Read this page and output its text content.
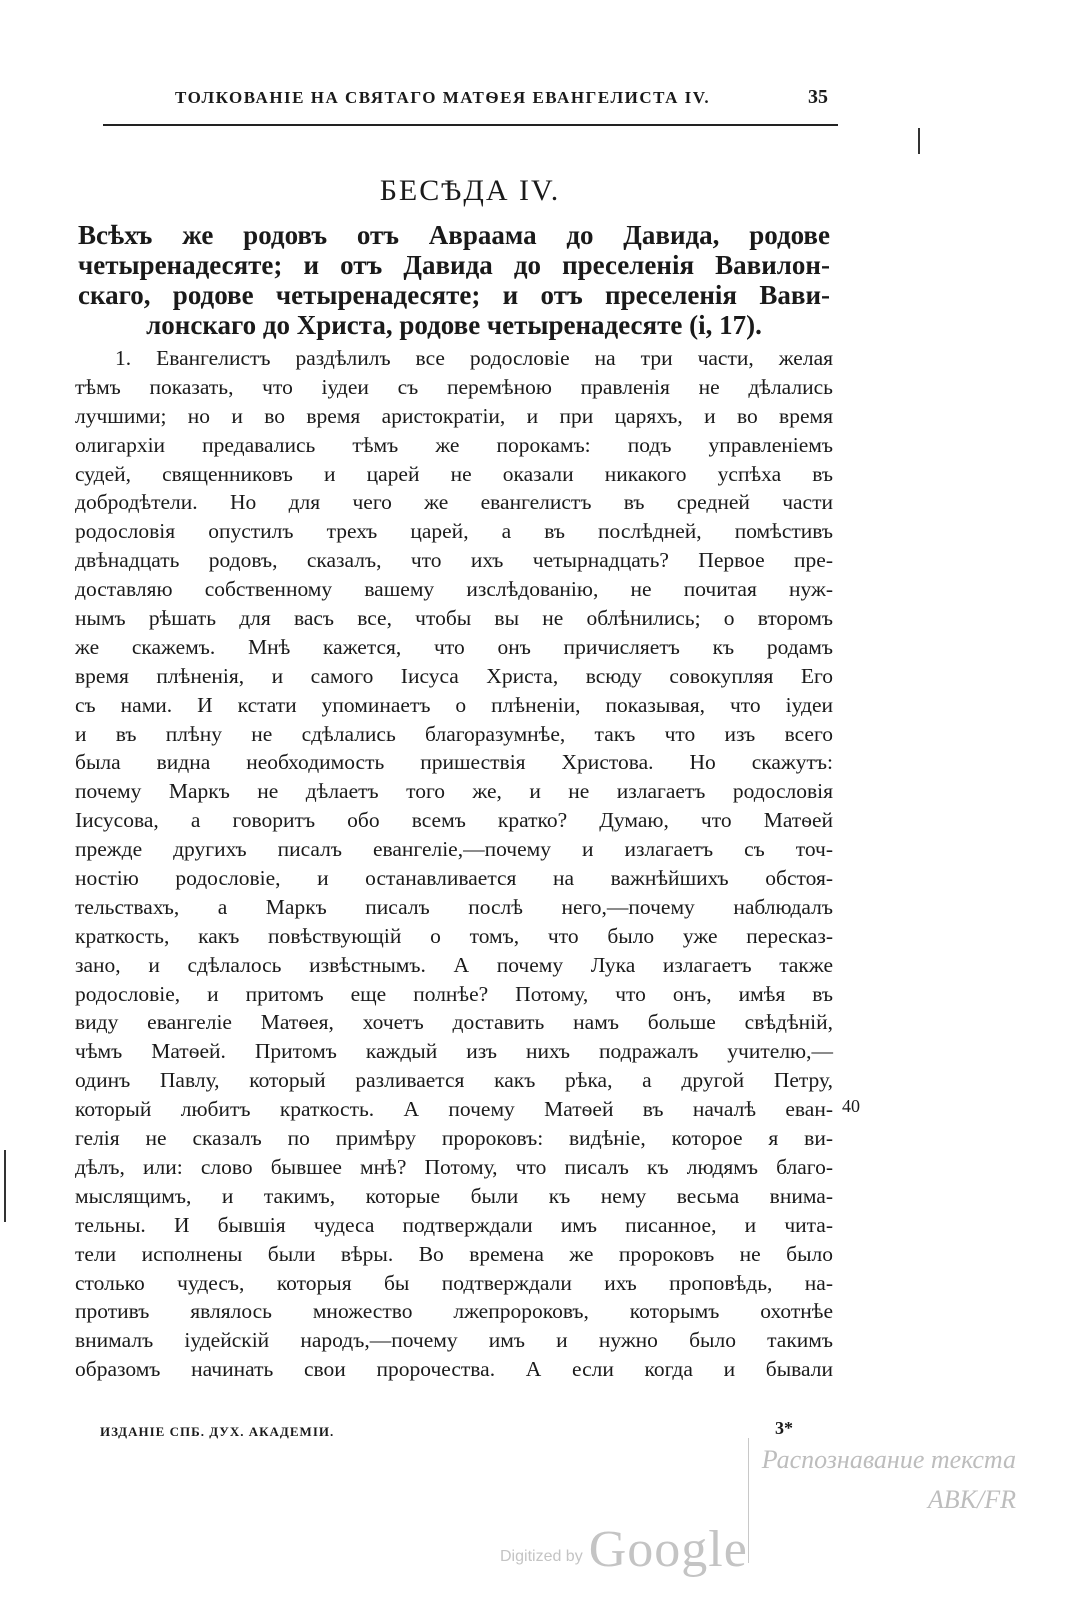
ТОЛКОВАНІЕ НА СВЯТАГО МАТѲЕЯ ЕВАНГЕЛИСТА IV.	35
БЕСѢДА IV.
Всѣхъ же родовъ отъ Авраама до Давида, родове
четыренадесяте; и отъ Давида до преселенія Вавилон-
скаго, родове четыренадесяте; и отъ преселенія Вави-
лонскаго до Христа, родове четыренадесяте (і, 17).
1. Евангелистъ раздѣлилъ все родословіе на три части, желая
тѣмъ показать, что іудеи съ перемѣною правленія не дѣлались
лучшими; но и во время аристократіи, и при царяхъ, и во время
олигархіи предавались тѣмъ же порокамъ: подъ управленіемъ
судей, священниковъ и царей не оказали никакого успѣха въ
добродѣтели. Но для чего же евангелистъ въ средней части
родословія опустилъ трехъ царей, а въ послѣдней, помѣстивъ
двѣнадцать родовъ, сказалъ, что ихъ четырнадцать? Первое пре-
доставляю собственному вашему изслѣдованію, не почитая нуж-
нымъ рѣшать для васъ все, чтобы вы не облѣнились; о второмъ
же скажемъ. Мнѣ кажется, что онъ причисляетъ къ родамъ
время плѣненія, и самого Іисуса Христа, всюду совокупляя Его
съ нами. И кстати упоминаетъ о плѣненіи, показывая, что іудеи
и въ плѣну не сдѣлались благоразумнѣе, такъ что изъ всего
была видна необходимость пришествія Христова. Но скажутъ:
почему Маркъ не дѣлаетъ того же, и не излагаетъ родословія
Іисусова, а говоритъ обо всемъ кратко? Думаю, что Матѳей
прежде другихъ писалъ евангеліе,—почему и излагаетъ съ точ-
ностію родословіе, и останавливается на важнѣйшихъ обстоя-
тельствахъ, а Маркъ писалъ послѣ него,—почему наблюдалъ
краткость, какъ повѣствующій о томъ, что было уже пересказ-
зано, и сдѣлалось извѣстнымъ. А почему Лука излагаетъ также
родословіе, и притомъ еще полнѣе? Потому, что онъ, имѣя въ
виду евангеліе Матѳея, хочетъ доставить намъ больше свѣдѣній,
чѣмъ Матѳей. Притомъ каждый изъ нихъ подражалъ учителю,—
одинъ Павлу, который разливается какъ рѣка, а другой Петру,
который любитъ краткость. А почему Матѳей въ началѣ еван-
гелія не сказалъ по примѣру пророковъ: видѣніе, которое я ви-
дѣлъ, или: слово бывшее мнѣ? Потому, что писалъ къ людямъ благо-
мыслящимъ, и такимъ, которые были къ нему весьма внима-
тельны. И бывшія чудеса подтверждали имъ писанное, и чита-
тели исполнены были вѣры. Во времена же пророковъ не было
столько чудесъ, которыя бы подтверждали ихъ проповѣдь, на-
противъ являлось множество лжепророковъ, которымъ охотнѣе
внималъ іудейскій народъ,—почему имъ и нужно было такимъ
образомъ начинать свои пророчества. А если когда и бывали
40
ИЗДАНІЕ СПБ. ДУХ. АКАДЕМІИ.	3*
Digitized by Google
Распознавание текста
ABK/FR
